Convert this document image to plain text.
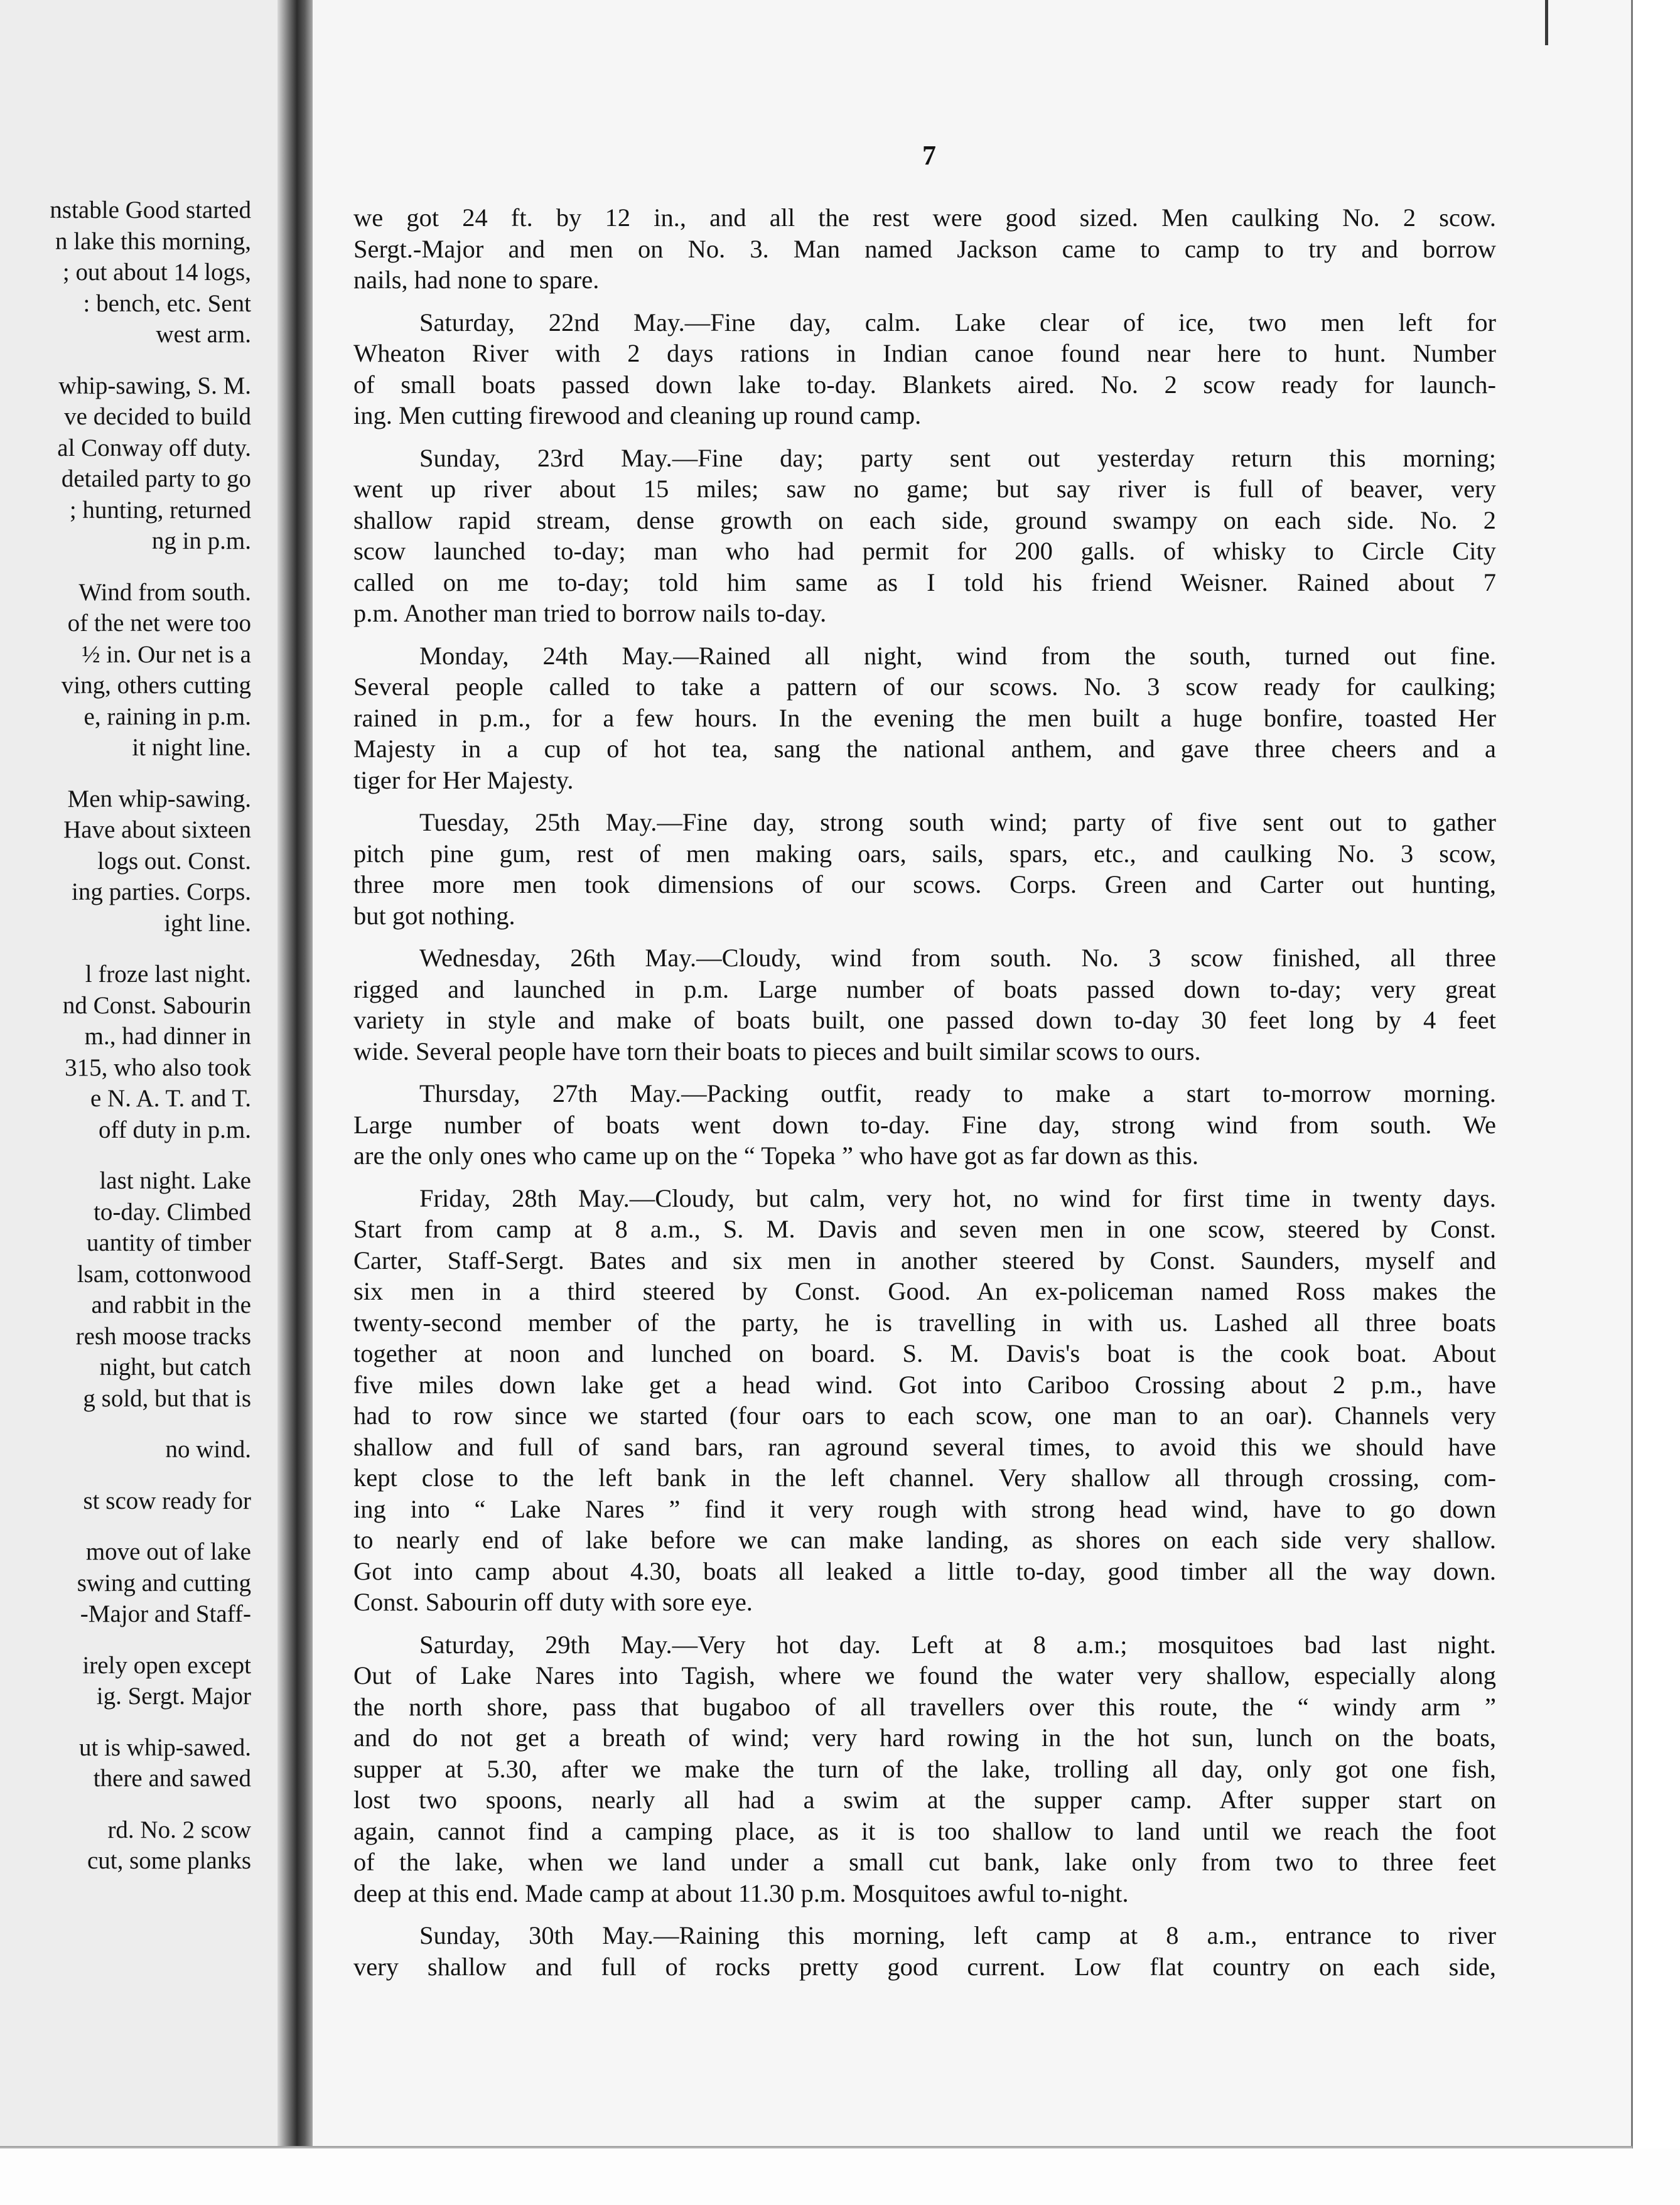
nstable Good started
n lake this morning,
; out about 14 logs,
: bench, etc. Sent
west arm.
whip-sawing, S. M.
ve decided to build
al Conway off duty.
detailed party to go
; hunting, returned
ng in p.m.
Wind from south.
of the net were too
½ in. Our net is a
ving, others cutting
e, raining in p.m.
it night line.
Men whip-sawing.
Have about sixteen
logs out. Const.
ing parties. Corps.
ight line.
l froze last night.
nd Const. Sabourin
m., had dinner in
315, who also took
e N. A. T. and T.
off duty in p.m.
last night. Lake
to-day. Climbed
uantity of timber
lsam, cottonwood
and rabbit in the
resh moose tracks
night, but catch
g sold, but that is
no wind.
st scow ready for
move out of lake
swing and cutting
-Major and Staff-
irely open except
ig. Sergt. Major
ut is whip-sawed.
there and sawed
rd. No. 2 scow
cut, some planks
7
we got 24 ft. by 12 in., and all the rest were good sized. Men caulking No. 2 scow.
Sergt.-Major and men on No. 3. Man named Jackson came to camp to try and borrow
nails, had none to spare.
Saturday, 22nd May.—Fine day, calm. Lake clear of ice, two men left for
Wheaton River with 2 days rations in Indian canoe found near here to hunt. Number
of small boats passed down lake to-day. Blankets aired. No. 2 scow ready for launch-
ing. Men cutting firewood and cleaning up round camp.
Sunday, 23rd May.—Fine day; party sent out yesterday return this morning;
went up river about 15 miles; saw no game; but say river is full of beaver, very
shallow rapid stream, dense growth on each side, ground swampy on each side. No. 2
scow launched to-day; man who had permit for 200 galls. of whisky to Circle City
called on me to-day; told him same as I told his friend Weisner. Rained about 7
p.m. Another man tried to borrow nails to-day.
Monday, 24th May.—Rained all night, wind from the south, turned out fine.
Several people called to take a pattern of our scows. No. 3 scow ready for caulking;
rained in p.m., for a few hours. In the evening the men built a huge bonfire, toasted Her
Majesty in a cup of hot tea, sang the national anthem, and gave three cheers and a
tiger for Her Majesty.
Tuesday, 25th May.—Fine day, strong south wind; party of five sent out to gather
pitch pine gum, rest of men making oars, sails, spars, etc., and caulking No. 3 scow,
three more men took dimensions of our scows. Corps. Green and Carter out hunting,
but got nothing.
Wednesday, 26th May.—Cloudy, wind from south. No. 3 scow finished, all three
rigged and launched in p.m. Large number of boats passed down to-day; very great
variety in style and make of boats built, one passed down to-day 30 feet long by 4 feet
wide. Several people have torn their boats to pieces and built similar scows to ours.
Thursday, 27th May.—Packing outfit, ready to make a start to-morrow morning.
Large number of boats went down to-day. Fine day, strong wind from south. We
are the only ones who came up on the “ Topeka ” who have got as far down as this.
Friday, 28th May.—Cloudy, but calm, very hot, no wind for first time in twenty days.
Start from camp at 8 a.m., S. M. Davis and seven men in one scow, steered by Const.
Carter, Staff-Sergt. Bates and six men in another steered by Const. Saunders, myself and
six men in a third steered by Const. Good. An ex-policeman named Ross makes the
twenty-second member of the party, he is travelling in with us. Lashed all three boats
together at noon and lunched on board. S. M. Davis's boat is the cook boat. About
five miles down lake get a head wind. Got into Cariboo Crossing about 2 p.m., have
had to row since we started (four oars to each scow, one man to an oar). Channels very
shallow and full of sand bars, ran aground several times, to avoid this we should have
kept close to the left bank in the left channel. Very shallow all through crossing, com-
ing into “ Lake Nares ” find it very rough with strong head wind, have to go down
to nearly end of lake before we can make landing, as shores on each side very shallow.
Got into camp about 4.30, boats all leaked a little to-day, good timber all the way down.
Const. Sabourin off duty with sore eye.
Saturday, 29th May.—Very hot day. Left at 8 a.m.; mosquitoes bad last night.
Out of Lake Nares into Tagish, where we found the water very shallow, especially along
the north shore, pass that bugaboo of all travellers over this route, the “ windy arm ”
and do not get a breath of wind; very hard rowing in the hot sun, lunch on the boats,
supper at 5.30, after we make the turn of the lake, trolling all day, only got one fish,
lost two spoons, nearly all had a swim at the supper camp. After supper start on
again, cannot find a camping place, as it is too shallow to land until we reach the foot
of the lake, when we land under a small cut bank, lake only from two to three feet
deep at this end. Made camp at about 11.30 p.m. Mosquitoes awful to-night.
Sunday, 30th May.—Raining this morning, left camp at 8 a.m., entrance to river
very shallow and full of rocks pretty good current. Low flat country on each side,
